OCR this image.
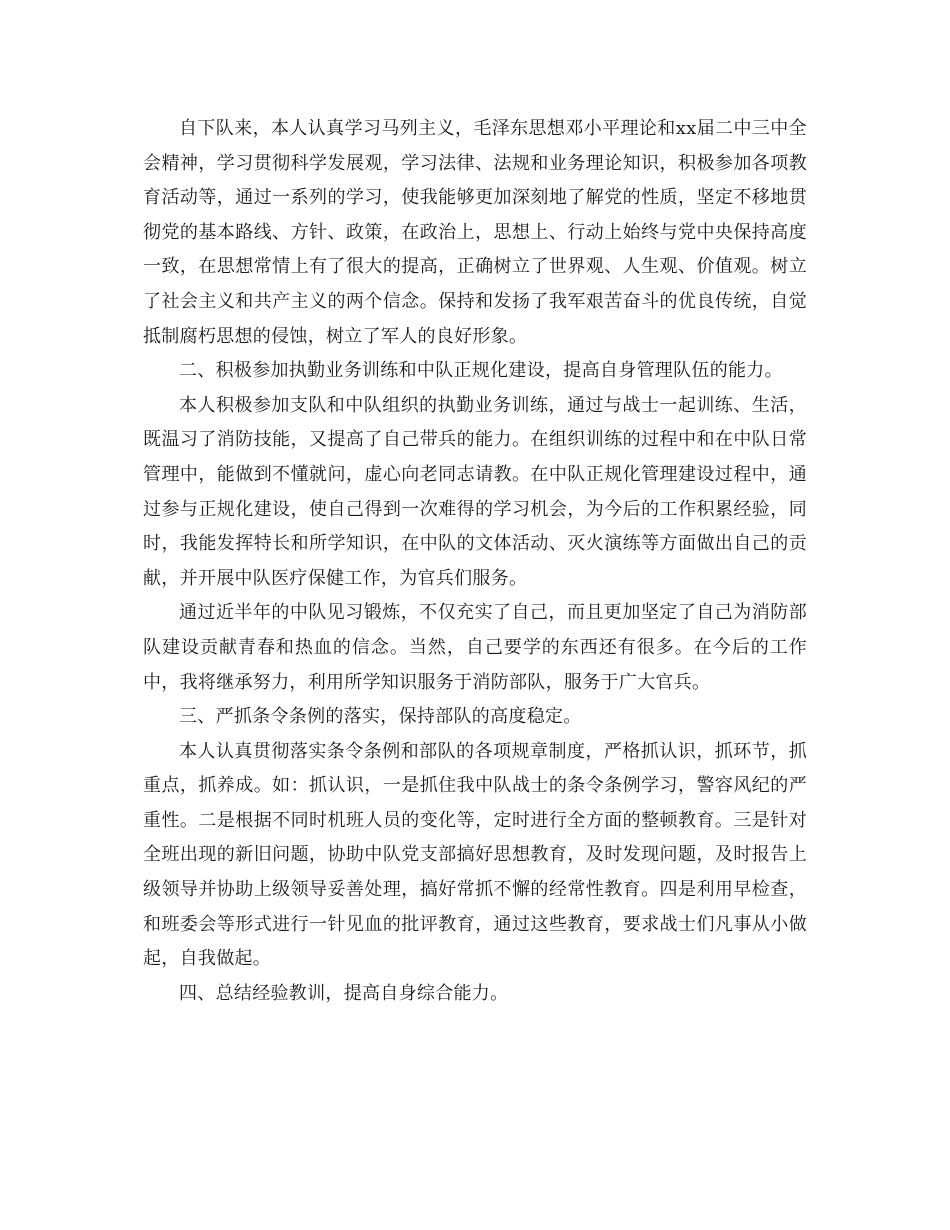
自下队来，本人认真学习马列主义，毛泽东思想邓小平理论和xx届二中三中全会精神，学习贯彻科学发展观，学习法律、法规和业务理论知识，积极参加各项教育活动等，通过一系列的学习，使我能够更加深刻地了解党的性质，坚定不移地贯彻党的基本路线、方针、政策，在政治上，思想上、行动上始终与党中央保持高度一致，在思想常情上有了很大的提高，正确树立了世界观、人生观、价值观。树立了社会主义和共产主义的两个信念。保持和发扬了我军艰苦奋斗的优良传统，自觉抵制腐朽思想的侵蚀，树立了军人的良好形象。

二、积极参加执勤业务训练和中队正规化建设，提高自身管理队伍的能力。

本人积极参加支队和中队组织的执勤业务训练，通过与战士一起训练、生活，既温习了消防技能，又提高了自己带兵的能力。在组织训练的过程中和在中队日常管理中，能做到不懂就问，虚心向老同志请教。在中队正规化管理建设过程中，通过参与正规化建设，使自己得到一次难得的学习机会，为今后的工作积累经验，同时，我能发挥特长和所学知识，在中队的文体活动、灭火演练等方面做出自己的贡献，并开展中队医疗保健工作，为官兵们服务。

通过近半年的中队见习锻炼，不仅充实了自己，而且更加坚定了自己为消防部队建设贡献青春和热血的信念。当然，自己要学的东西还有很多。在今后的工作中，我将继承努力，利用所学知识服务于消防部队，服务于广大官兵。

三、严抓条令条例的落实，保持部队的高度稳定。

本人认真贯彻落实条令条例和部队的各项规章制度，严格抓认识，抓环节，抓重点，抓养成。如：抓认识，一是抓住我中队战士的条令条例学习，警容风纪的严重性。二是根据不同时机班人员的变化等，定时进行全方面的整顿教育。三是针对全班出现的新旧问题，协助中队党支部搞好思想教育，及时发现问题，及时报告上级领导并协助上级领导妥善处理，搞好常抓不懈的经常性教育。四是利用早检查，和班委会等形式进行一针见血的批评教育，通过这些教育，要求战士们凡事从小做起，自我做起。

四、总结经验教训，提高自身综合能力。
